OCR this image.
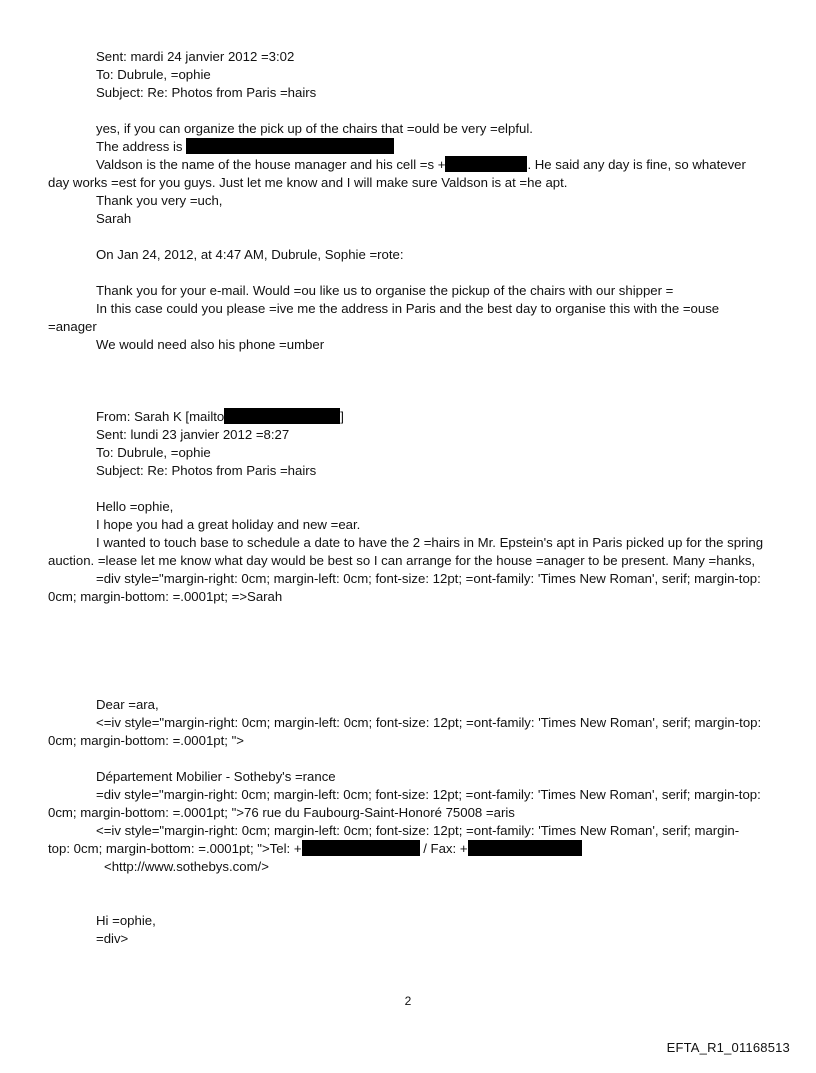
Sent: mardi 24 janvier 2012 =3:02

To: Dubrule, =ophie

Subject: Re: Photos from Paris =hairs

yes, if you can organize the pick up of the chairs that =ould be very =elpful.

The address is

Valdson is the name of the house manager and his cell =s +	. He said any day is fine, so whatever

day works =est for you guys. Just let me know and I will make sure Valdson is at =he apt.

Thank you very =uch,

Sarah

On Jan 24, 2012, at 4:47 AM, Dubrule, Sophie =rote:

Thank you for your e-mail. Would =ou like us to organise the pickup of the chairs with our shipper =

In this case could you please =ive me the address in Paris and the best day to organise this with the =ouse

=anager

We would need also his phone =umber

From: Sarah K [mailto	]

Sent: lundi 23 janvier 2012 =8:27

To: Dubrule, =ophie

Subject: Re: Photos from Paris =hairs

Hello =ophie,

I hope you had a great holiday and new =ear.

I wanted to touch base to schedule a date to have the 2 =hairs in Mr. Epstein's apt in Paris picked up for the spring auction. =lease let me know what day would be best so I can arrange for the house =anager to be present. Many =hanks,

=div style="margin-right: 0cm; margin-left: 0cm; font-size: 12pt; =ont-family: 'Times New Roman', serif; margin-top: 0cm; margin-bottom: =.0001pt; =>Sarah

Dear =ara,

<=iv style="margin-right: 0cm; margin-left: 0cm; font-size: 12pt; =ont-family: 'Times New Roman', serif; margin-top: 0cm; margin-bottom: =.0001pt; ">

Département Mobilier - Sotheby's =rance

=div style="margin-right: 0cm; margin-left: 0cm; font-size: 12pt; =ont-family: 'Times New Roman', serif; margin-top: 0cm; margin-bottom: =.0001pt; ">76 rue du Faubourg-Saint-Honoré 75008 =aris

<=iv style="margin-right: 0cm; margin-left: 0cm; font-size: 12pt; =ont-family: 'Times New Roman', serif; margin-

top: 0cm; margin-bottom: =.0001pt; ">Tel: +	/ Fax: +

<http://www.sothebys.com/>

Hi =ophie,

=div>

2
EFTA_R1_01168513
